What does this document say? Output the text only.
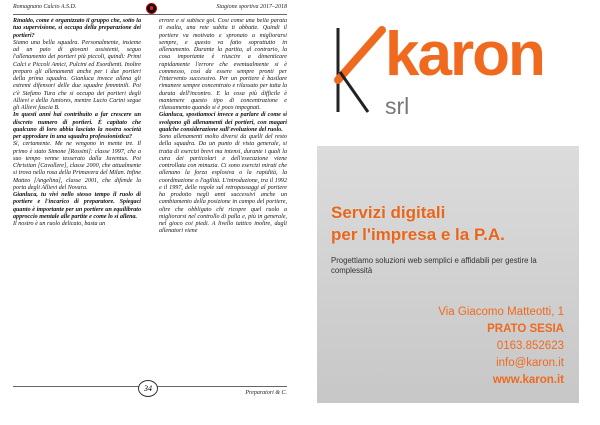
Romagnano Calcio A.S.D.	Stagione sportiva 2017–2018

Rinaldo, come è organizzato il gruppo che, sotto la tua supervisione, si occupa della preparazione dei portieri?

Siamo una bella squadra. Personalmente, insieme ad un paio di giovani assistenti, seguo l'allenamento dei portieri più piccoli, quindi: Primi Calci e Piccoli Amici, Pulcini ed Esordienti. Inoltre preparo gli allenamenti anche per i due portieri della prima squadra. Gianluca invece allena gli estremi difensori delle due squadre femminili. Poi c'è Stefano Tura che si occupa dei portieri degli Allievi e della Juniores, mentre Lucio Carini segue gli Allievi fascia B.

In questi anni hai contribuito a far crescere un discreto numero di portieri. È capitato che qualcuno di loro abbia lasciato la nostra società per approdare in una squadra professionistica?

Sì, certamente. Me ne vengono in mente tre. Il primo è stato Simone [Rossini]: classe 1997, che a suo tempo venne tesserato dalla Juventus. Poi Christian [Cavallere], classe 2000, che attualmente si trova nella rosa della Primavera del Milan. Infine Matteo [Angelina], classe 2001, che difende la porta degli Allievi del Novara.

Gianluca, tu vivi nello stesso tempo il ruolo di portiere e l'incarico di preparatore. Spiegaci quanto è importante per un portiere un equilibrato approccio mentale alle partite e come lo si allena.

Il nostro è un ruolo delicato, basta un

errore e si subisce gol. Così come una bella parata ti esalta, una rete subita ti abbatte. Quindi il portiere va motivato e spronato a migliorarsi sempre, e questo va fatto soprattutto in allenamento. Durante la partita, al contrario, la cosa importante è riuscire a dimenticare rapidamente l'errore che eventualmente si è commesso, così da essere sempre pronti per l'intervento successivo. Per un portiere è basilare rimanere sempre concentrato e rilassato per tutta la durata dell'incontro. E la cosa più difficile è mantenere questo tipo di concentrazione e rilassamento quando si è poco impegnati.

Gianluca, spostiamoci invece a parlare di come si svolgono gli allenamenti dei portieri, con magari qualche considerazione sull'evoluzione del ruolo.

Sono allenamenti molto diversi da quelli del resto della squadra. Da un punto di vista generale, si tratta di esercizi brevi ma intensi, durante i quali la cura dei particolari e dell'esecuzione viene controllata con minuzia. Ci sono esercizi mirati che allenano la forza esplosiva o la rapidità, la coordinazione o l'agilità. L'introduzione, tra il 1992 e il 1997, delle regole sul retropassaggi al portiere ha prodotto negli anni successivi anche un cambiamento della posizione in campo del portiere, oltre che obbligato chi ricopre quel ruolo a migliorarsi nel controllo di palla e, più in generale, nel gioco coi piedi. A livello tattico inoltre, dagli allenatori viene

34	Preparatori & C.
karon
srl
Servizi digitali
per l'impresa e la P.A.
Progettiamo soluzioni web semplici e affidabili per gestire la complessità
Via Giacomo Matteotti, 1
PRATO SESIA
0163.852623
info@karon.it
www.karon.it
